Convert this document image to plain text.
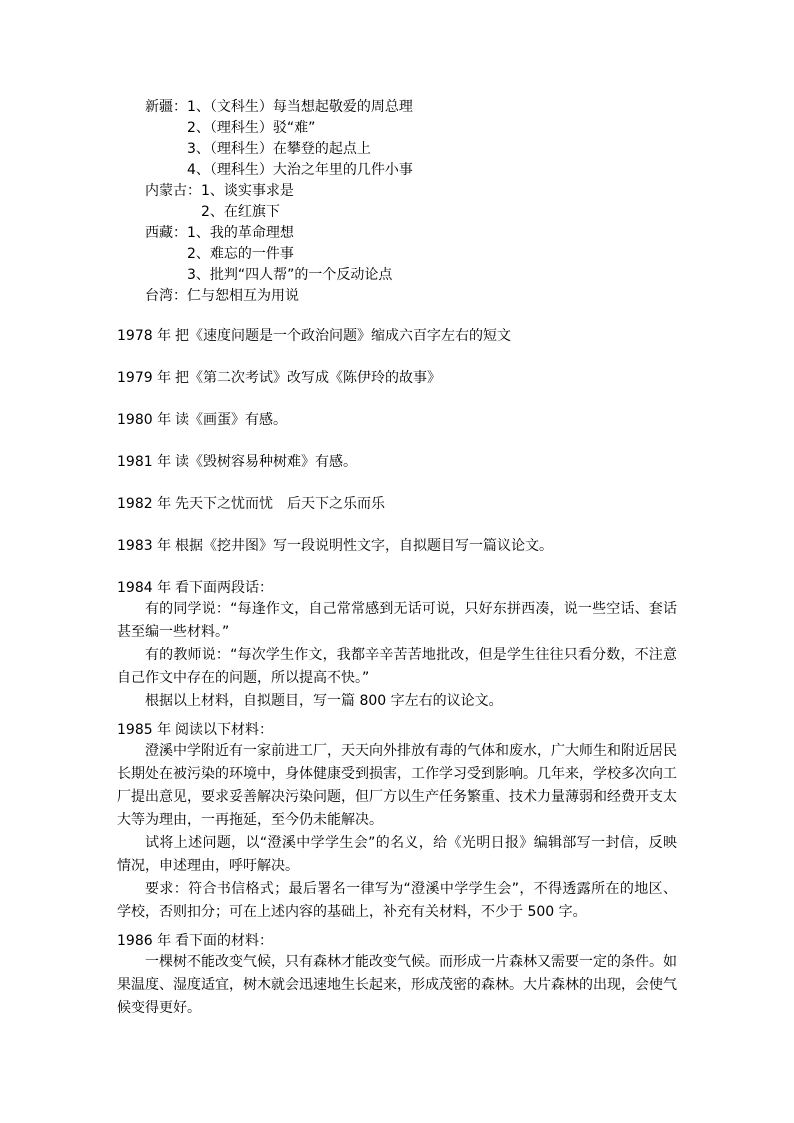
新疆： 1、（文科生）每当想起敬爱的周总理
2、（理科生）驳“难”
3、（理科生）在攀登的起点上
4、（理科生）大治之年里的几件小事
内蒙古： 1、谈实事求是
2、在红旗下
西藏： 1、我的革命理想
2、难忘的一件事
3、批判“四人帮”的一个反动论点
台湾： 仁与恕相互为用说
1978 年 把《速度问题是一个政治问题》缩成六百字左右的短文
1979 年 把《第二次考试》改写成《陈伊玲的故事》
1980 年 读《画蛋》有感。
1981 年 读《毁树容易种树难》有感。
1982 年 先天下之忧而忧　后天下之乐而乐
1983 年 根据《挖井图》写一段说明性文字，自拟题目写一篇议论文。
1984 年 看下面两段话：

有的同学说：“每逢作文，自己常常感到无话可说，只好东拼西凑，说一些空话、套话甚至编一些材料。”

有的教师说：“每次学生作文，我都辛辛苦苦地批改，但是学生往往只看分数，不注意自己作文中存在的问题，所以提高不快。”

根据以上材料，自拟题目，写一篇 800 字左右的议论文。

1985 年 阅读以下材料：

澄溪中学附近有一家前进工厂，天天向外排放有毒的气体和废水，广大师生和附近居民长期处在被污染的环境中，身体健康受到损害，工作学习受到影响。几年来，学校多次向工厂提出意见，要求妥善解决污染问题，但厂方以生产任务繁重、技术力量薄弱和经费开支太大等为理由，一再拖延，至今仍未能解决。

试将上述问题，以“澄溪中学学生会”的名义，给《光明日报》编辑部写一封信，反映情况，申述理由，呼吁解决。

要求：符合书信格式；最后署名一律写为“澄溪中学学生会”，不得透露所在的地区、学校，否则扣分；可在上述内容的基础上，补充有关材料，不少于 500 字。

1986 年 看下面的材料：

一棵树不能改变气候，只有森林才能改变气候。而形成一片森林又需要一定的条件。如果温度、湿度适宜，树木就会迅速地生长起来，形成茂密的森林。大片森林的出现，会使气候变得更好。
